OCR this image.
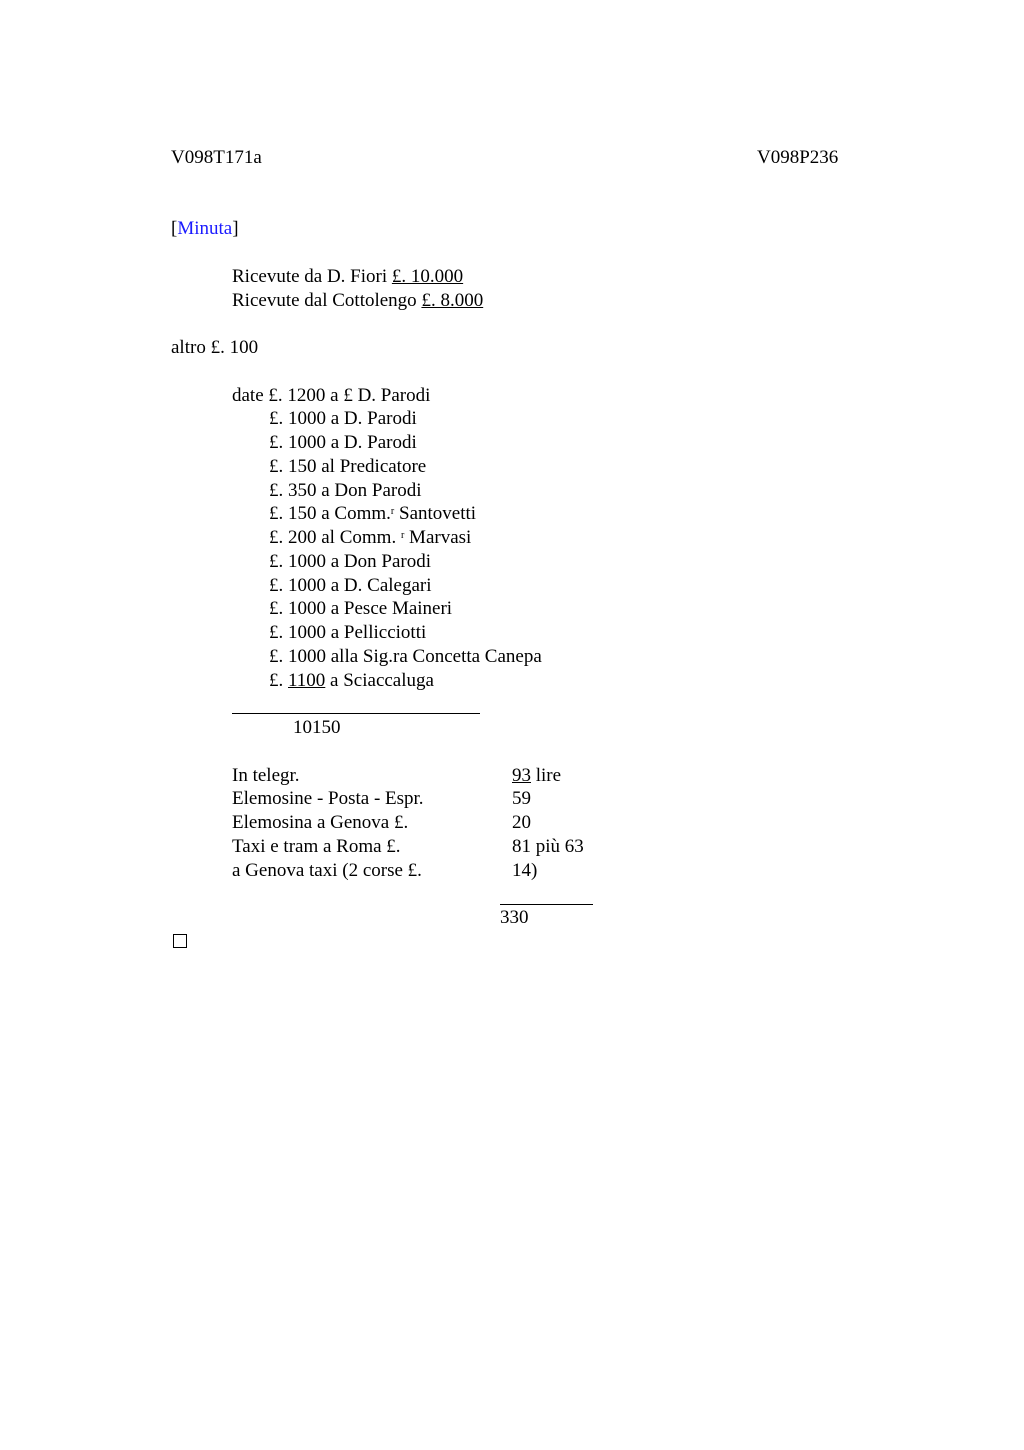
V098T171a	V098P236
[Minuta]
Ricevute da D. Fiori £. 10.000
Ricevute dal Cottolengo £. 8.000
altro £. 100
date £. 1200 a £ D. Parodi
£. 1000 a D. Parodi
£. 1000 a D. Parodi
£. 150 al Predicatore
£. 350 a Don Parodi
£. 150 a Comm.$^r$ Santovetti
£. 200 al Comm. $^r$ Marvasi
£. 1000 a Don Parodi
£. 1000 a D. Calegari
£. 1000 a Pesce Maineri
£. 1000 a Pellicciotti
£. 1000 alla Sig.ra Concetta Canepa
£. 1100 a Sciaccaluga
10150
In telegr.	93 lire
Elemosine - Posta - Espr.	59
Elemosina a Genova £.	20
Taxi e tram a Roma £.	81 più 63
a Genova taxi (2 corse £.	14)
330
